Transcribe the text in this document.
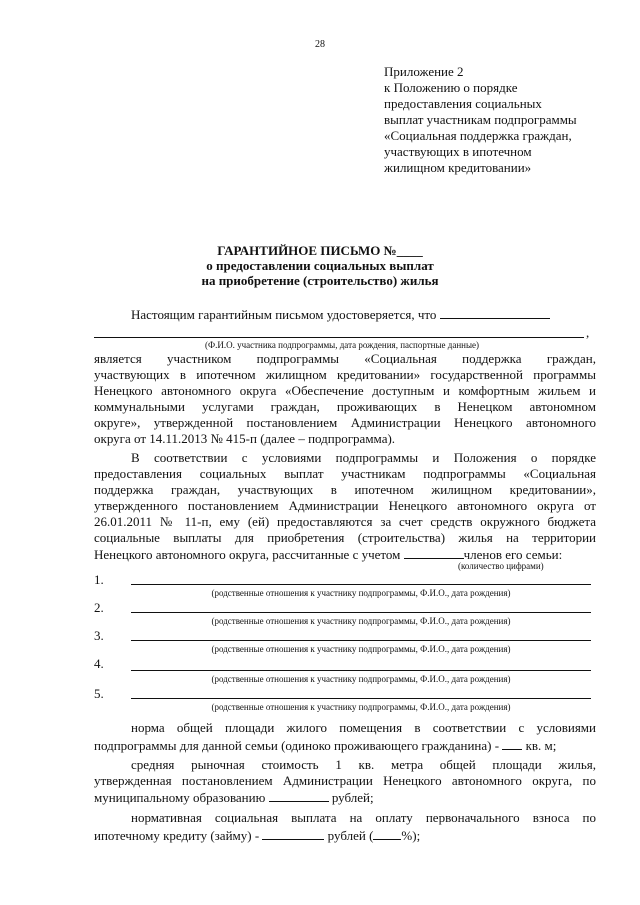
28
Приложение 2
к Положению о порядке
предоставления социальных
выплат участникам подпрограммы
«Социальная поддержка граждан,
участвующих в ипотечном
жилищном кредитовании»
ГАРАНТИЙНОЕ ПИСЬМО №____
о предоставлении социальных выплат
на приобретение (строительство) жилья
Настоящим гарантийным письмом удостоверяется, что
,
(Ф.И.О. участника подпрограммы, дата рождения, паспортные данные)
является участником подпрограммы «Социальная поддержка граждан,
участвующих в ипотечном жилищном кредитовании» государственной программы
Ненецкого автономного округа «Обеспечение доступным и комфортным жильем и
коммунальными услугами граждан, проживающих в Ненецком автономном
округе», утвержденной постановлением Администрации Ненецкого автономного
округа от 14.11.2013 № 415-п (далее – подпрограмма).
В соответствии с условиями подпрограммы и Положения о порядке
предоставления социальных выплат участникам подпрограммы «Социальная
поддержка граждан, участвующих в ипотечном жилищном кредитовании»,
утвержденного постановлением Администрации Ненецкого автономного округа от
26.01.2011 № 11-п, ему (ей) предоставляются за счет средств окружного бюджета
социальные выплаты для приобретения (строительства) жилья на территории
Ненецкого автономного округа, рассчитанные с учетом	членов его семьи:
(количество цифрами)
1.
(родственные отношения к участнику подпрограммы, Ф.И.О., дата рождения)
2.
(родственные отношения к участнику подпрограммы, Ф.И.О., дата рождения)
3.
(родственные отношения к участнику подпрограммы, Ф.И.О., дата рождения)
4.
(родственные отношения к участнику подпрограммы, Ф.И.О., дата рождения)
5.
(родственные отношения к участнику подпрограммы, Ф.И.О., дата рождения)
норма общей площади жилого помещения в соответствии с условиями
подпрограммы для данной семьи (одиноко проживающего гражданина) - кв. м;
средняя рыночная стоимость 1 кв. метра общей площади жилья,
утвержденная постановлением Администрации Ненецкого автономного округа, по
муниципальному образованию	рублей;
нормативная социальная выплата на оплату первоначального взноса по
ипотечному кредиту (займу) -	рублей ( %);
